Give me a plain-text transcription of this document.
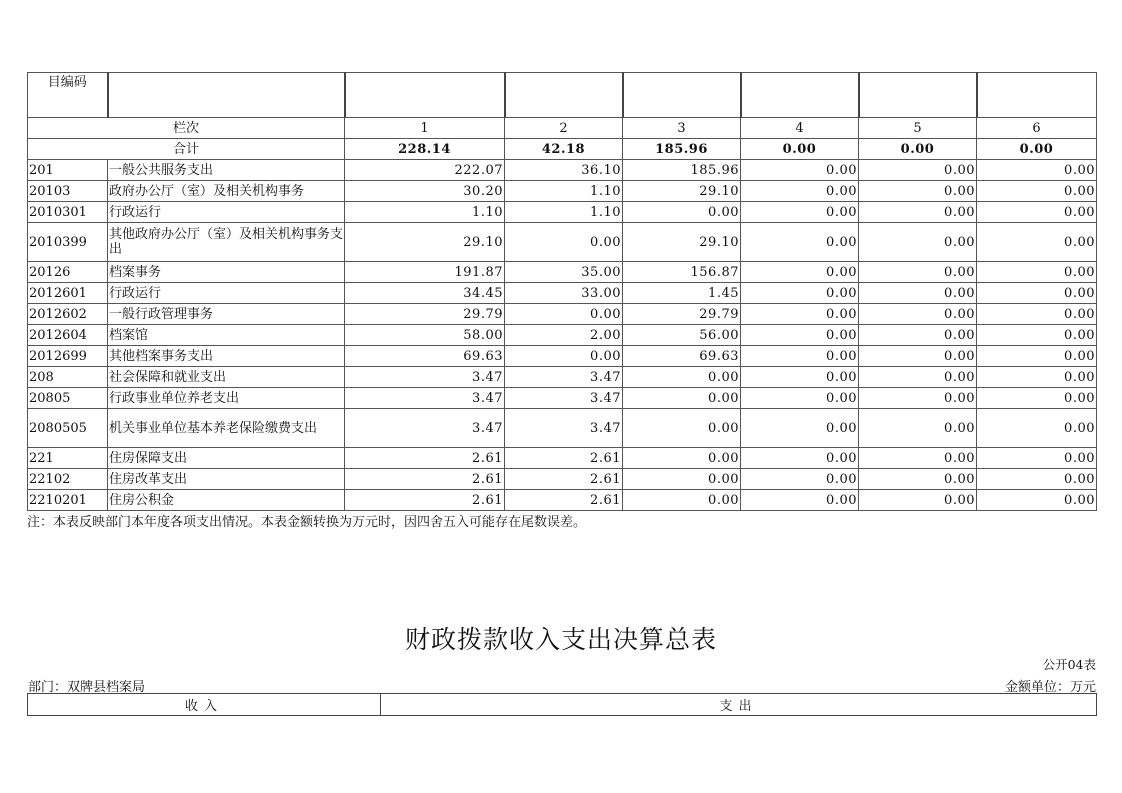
目编码							
栏次		1	2	3	4	5	6
合计		228.14	42.18	185.96	0.00	0.00	0.00
201	一般公共服务支出	222.07	36.10	185.96	0.00	0.00	0.00
20103	政府办公厅（室）及相关机构事务	30.20	1.10	29.10	0.00	0.00	0.00
2010301	行政运行	1.10	1.10	0.00	0.00	0.00	0.00
2010399	其他政府办公厅（室）及相关机构事务支出	29.10	0.00	29.10	0.00	0.00	0.00
20126	档案事务	191.87	35.00	156.87	0.00	0.00	0.00
2012601	行政运行	34.45	33.00	1.45	0.00	0.00	0.00
2012602	一般行政管理事务	29.79	0.00	29.79	0.00	0.00	0.00
2012604	档案馆	58.00	2.00	56.00	0.00	0.00	0.00
2012699	其他档案事务支出	69.63	0.00	69.63	0.00	0.00	0.00
208	社会保障和就业支出	3.47	3.47	0.00	0.00	0.00	0.00
20805	行政事业单位养老支出	3.47	3.47	0.00	0.00	0.00	0.00
2080505	机关事业单位基本养老保险缴费支出	3.47	3.47	0.00	0.00	0.00	0.00
221	住房保障支出	2.61	2.61	0.00	0.00	0.00	0.00
22102	住房改革支出	2.61	2.61	0.00	0.00	0.00	0.00
2210201	住房公积金	2.61	2.61	0.00	0.00	0.00	0.00
注：本表反映部门本年度各项支出情况。本表金额转换为万元时，因四舍五入可能存在尾数误差。
财政拨款收入支出决算总表
公开04表
部门：双牌县档案局	金额单位：万元
收入	支出
